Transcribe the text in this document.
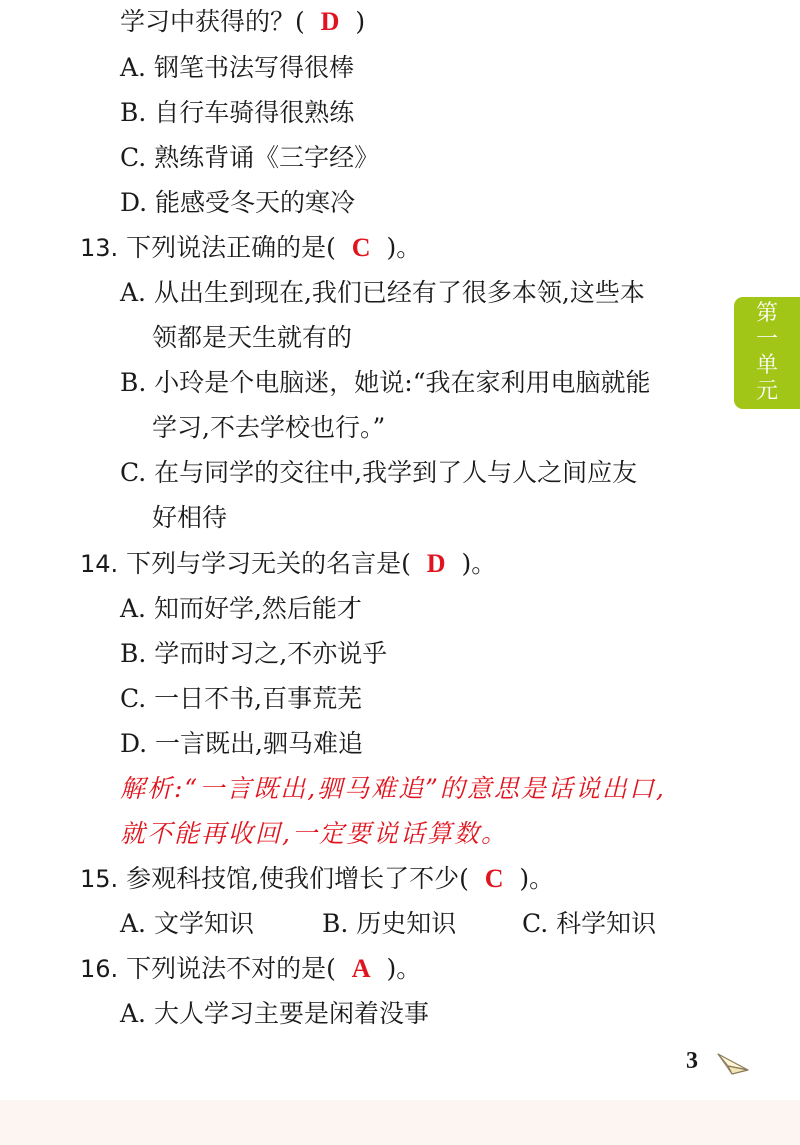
学习中获得的？( D )
A. 钢笔书法写得很棒
B. 自行车骑得很熟练
C. 熟练背诵《三字经》
D. 能感受冬天的寒冷
13. 下列说法正确的是( C )。
A. 从出生到现在,我们已经有了很多本领,这些本
领都是天生就有的
B. 小玲是个电脑迷，她说:“我在家利用电脑就能
学习,不去学校也行。”
C. 在与同学的交往中,我学到了人与人之间应友
好相待
14. 下列与学习无关的名言是( D )。
A. 知而好学,然后能才
B. 学而时习之,不亦说乎
C. 一日不书,百事荒芜
D. 一言既出,驷马难追
解析:“一言既出,驷马难追”的意思是话说出口,
就不能再收回,一定要说话算数。
15. 参观科技馆,使我们增长了不少( C )。
A. 文学知识	B. 历史知识	C. 科学知识
16. 下列说法不对的是( A )。
A. 大人学习主要是闲着没事
第
一
单
元
3
